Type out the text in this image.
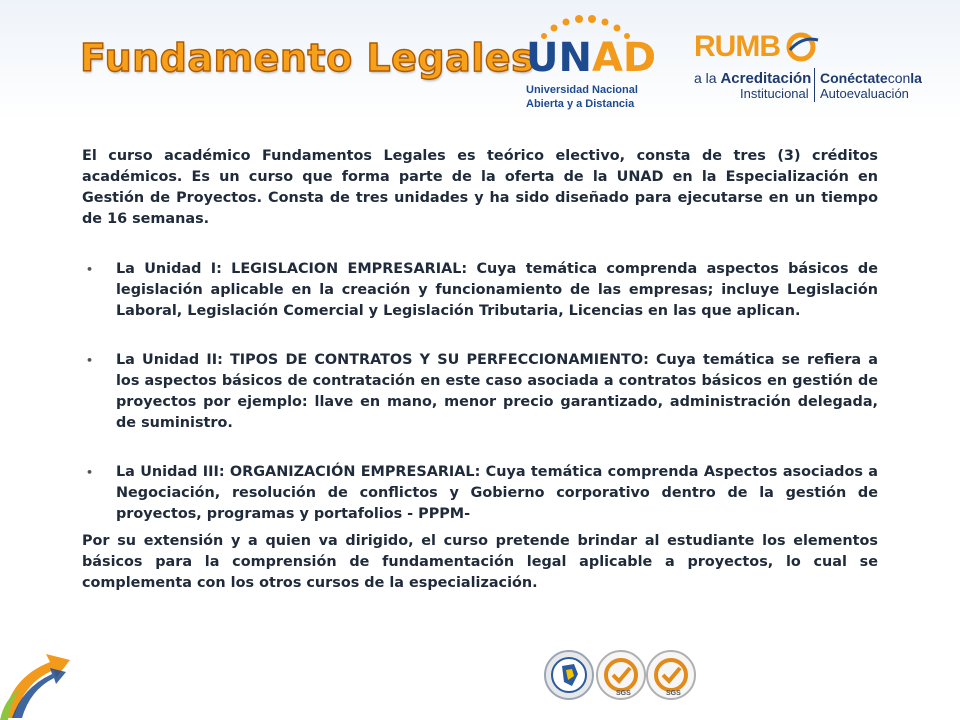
Fundamento Legales
UNAD
Universidad Nacional
Abierta y a Distancia
RUMB
a la Acreditación
Institucional
Conéctateconla
Autoevaluación

El curso académico Fundamentos Legales es teórico electivo, consta de tres (3) créditos académicos. Es un curso que forma parte de la oferta de la UNAD en la Especialización en Gestión de Proyectos. Consta de tres unidades y ha sido diseñado para ejecutarse en un tiempo de 16 semanas.

• La Unidad I: LEGISLACION EMPRESARIAL: Cuya temática comprenda aspectos básicos de legislación aplicable en la creación y funcionamiento de las empresas; incluye Legislación Laboral, Legislación Comercial y Legislación Tributaria, Licencias en las que aplican.
• La Unidad II: TIPOS DE CONTRATOS Y SU PERFECCIONAMIENTO: Cuya temática se refiera a los aspectos básicos de contratación en este caso asociada a contratos básicos en gestión de proyectos por ejemplo: llave en mano, menor precio garantizado, administración delegada, de suministro.
• La Unidad III: ORGANIZACIÓN EMPRESARIAL: Cuya temática comprenda Aspectos asociados a Negociación, resolución de conflictos y Gobierno corporativo dentro de la gestión de proyectos, programas y portafolios - PPPM-

Por su extensión y a quien va dirigido, el curso pretende brindar al estudiante los elementos básicos para la comprensión de fundamentación legal aplicable a proyectos, lo cual se complementa con los otros cursos de la especialización.

SGS	SGS
